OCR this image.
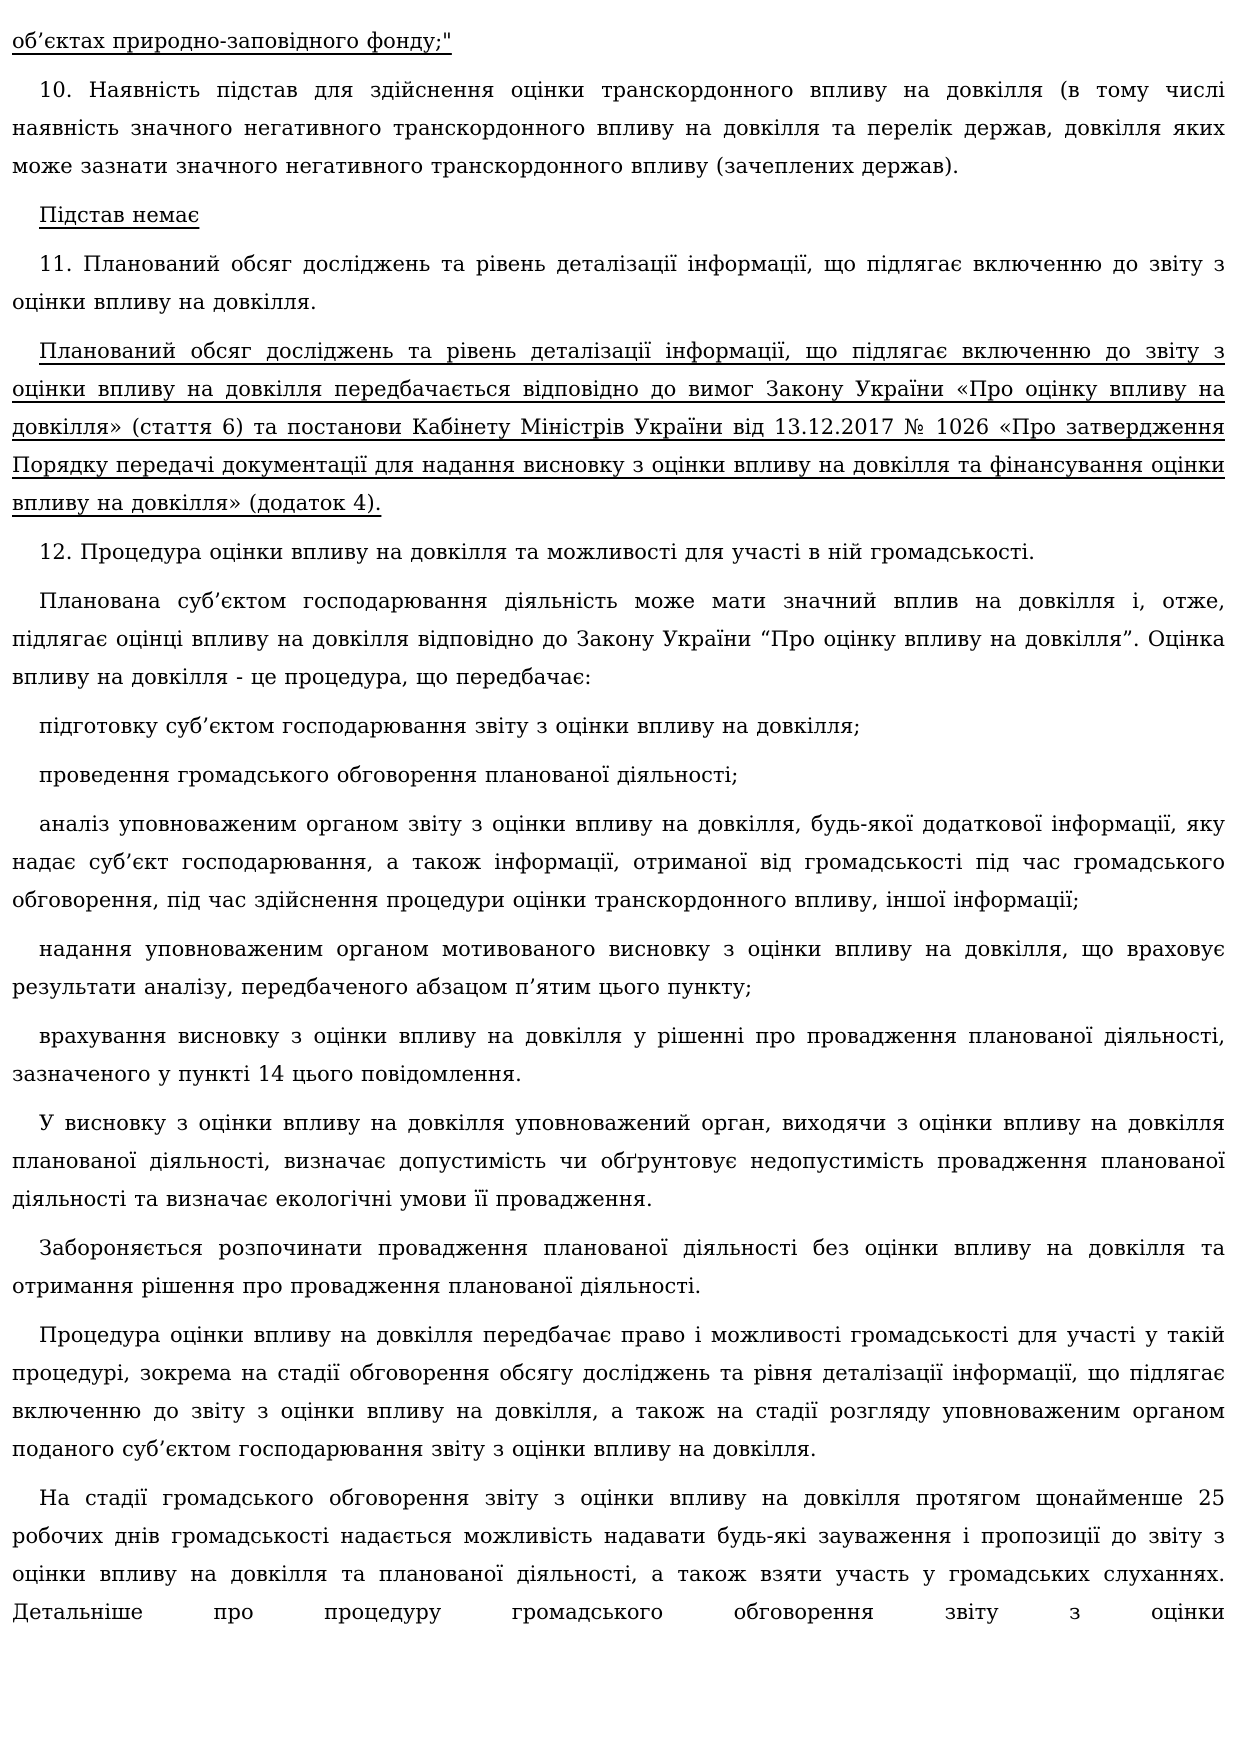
об’єктах природно-заповідного фонду;"

10. Наявність підстав для здійснення оцінки транскордонного впливу на довкілля (в тому числі наявність значного негативного транскордонного впливу на довкілля та перелік держав, довкілля яких може зазнати значного негативного транскордонного впливу (зачеплених держав).

Підстав немає

11. Планований обсяг досліджень та рівень деталізації інформації, що підлягає включенню до звіту з оцінки впливу на довкілля.

Планований обсяг досліджень та рівень деталізації інформації, що підлягає включенню до звіту з оцінки впливу на довкілля передбачається відповідно до вимог Закону України «Про оцінку впливу на довкілля» (стаття 6) та постанови Кабінету Міністрів України від 13.12.2017 № 1026 «Про затвердження Порядку передачі документації для надання висновку з оцінки впливу на довкілля та фінансування оцінки впливу на довкілля» (додаток 4).

12. Процедура оцінки впливу на довкілля та можливості для участі в ній громадськості.

Планована суб’єктом господарювання діяльність може мати значний вплив на довкілля і, отже, підлягає оцінці впливу на довкілля відповідно до Закону України “Про оцінку впливу на довкілля”. Оцінка впливу на довкілля - це процедура, що передбачає:

підготовку суб’єктом господарювання звіту з оцінки впливу на довкілля;

проведення громадського обговорення планованої діяльності;

аналіз уповноваженим органом звіту з оцінки впливу на довкілля, будь-якої додаткової інформації, яку надає суб’єкт господарювання, а також інформації, отриманої від громадськості під час громадського обговорення, під час здійснення процедури оцінки транскордонного впливу, іншої інформації;

надання уповноваженим органом мотивованого висновку з оцінки впливу на довкілля, що враховує результати аналізу, передбаченого абзацом п’ятим цього пункту;

врахування висновку з оцінки впливу на довкілля у рішенні про провадження планованої діяльності, зазначеного у пункті 14 цього повідомлення.

У висновку з оцінки впливу на довкілля уповноважений орган, виходячи з оцінки впливу на довкілля планованої діяльності, визначає допустимість чи обґрунтовує недопустимість провадження планованої діяльності та визначає екологічні умови її провадження.

Забороняється розпочинати провадження планованої діяльності без оцінки впливу на довкілля та отримання рішення про провадження планованої діяльності.

Процедура оцінки впливу на довкілля передбачає право і можливості громадськості для участі у такій процедурі, зокрема на стадії обговорення обсягу досліджень та рівня деталізації інформації, що підлягає включенню до звіту з оцінки впливу на довкілля, а також на стадії розгляду уповноваженим органом поданого суб’єктом господарювання звіту з оцінки впливу на довкілля.

На стадії громадського обговорення звіту з оцінки впливу на довкілля протягом щонайменше 25 робочих днів громадськості надається можливість надавати будь-які зауваження і пропозиції до звіту з оцінки впливу на довкілля та планованої діяльності, а також взяти участь у громадських слуханнях. Детальніше про процедуру громадського обговорення звіту з оцінки
